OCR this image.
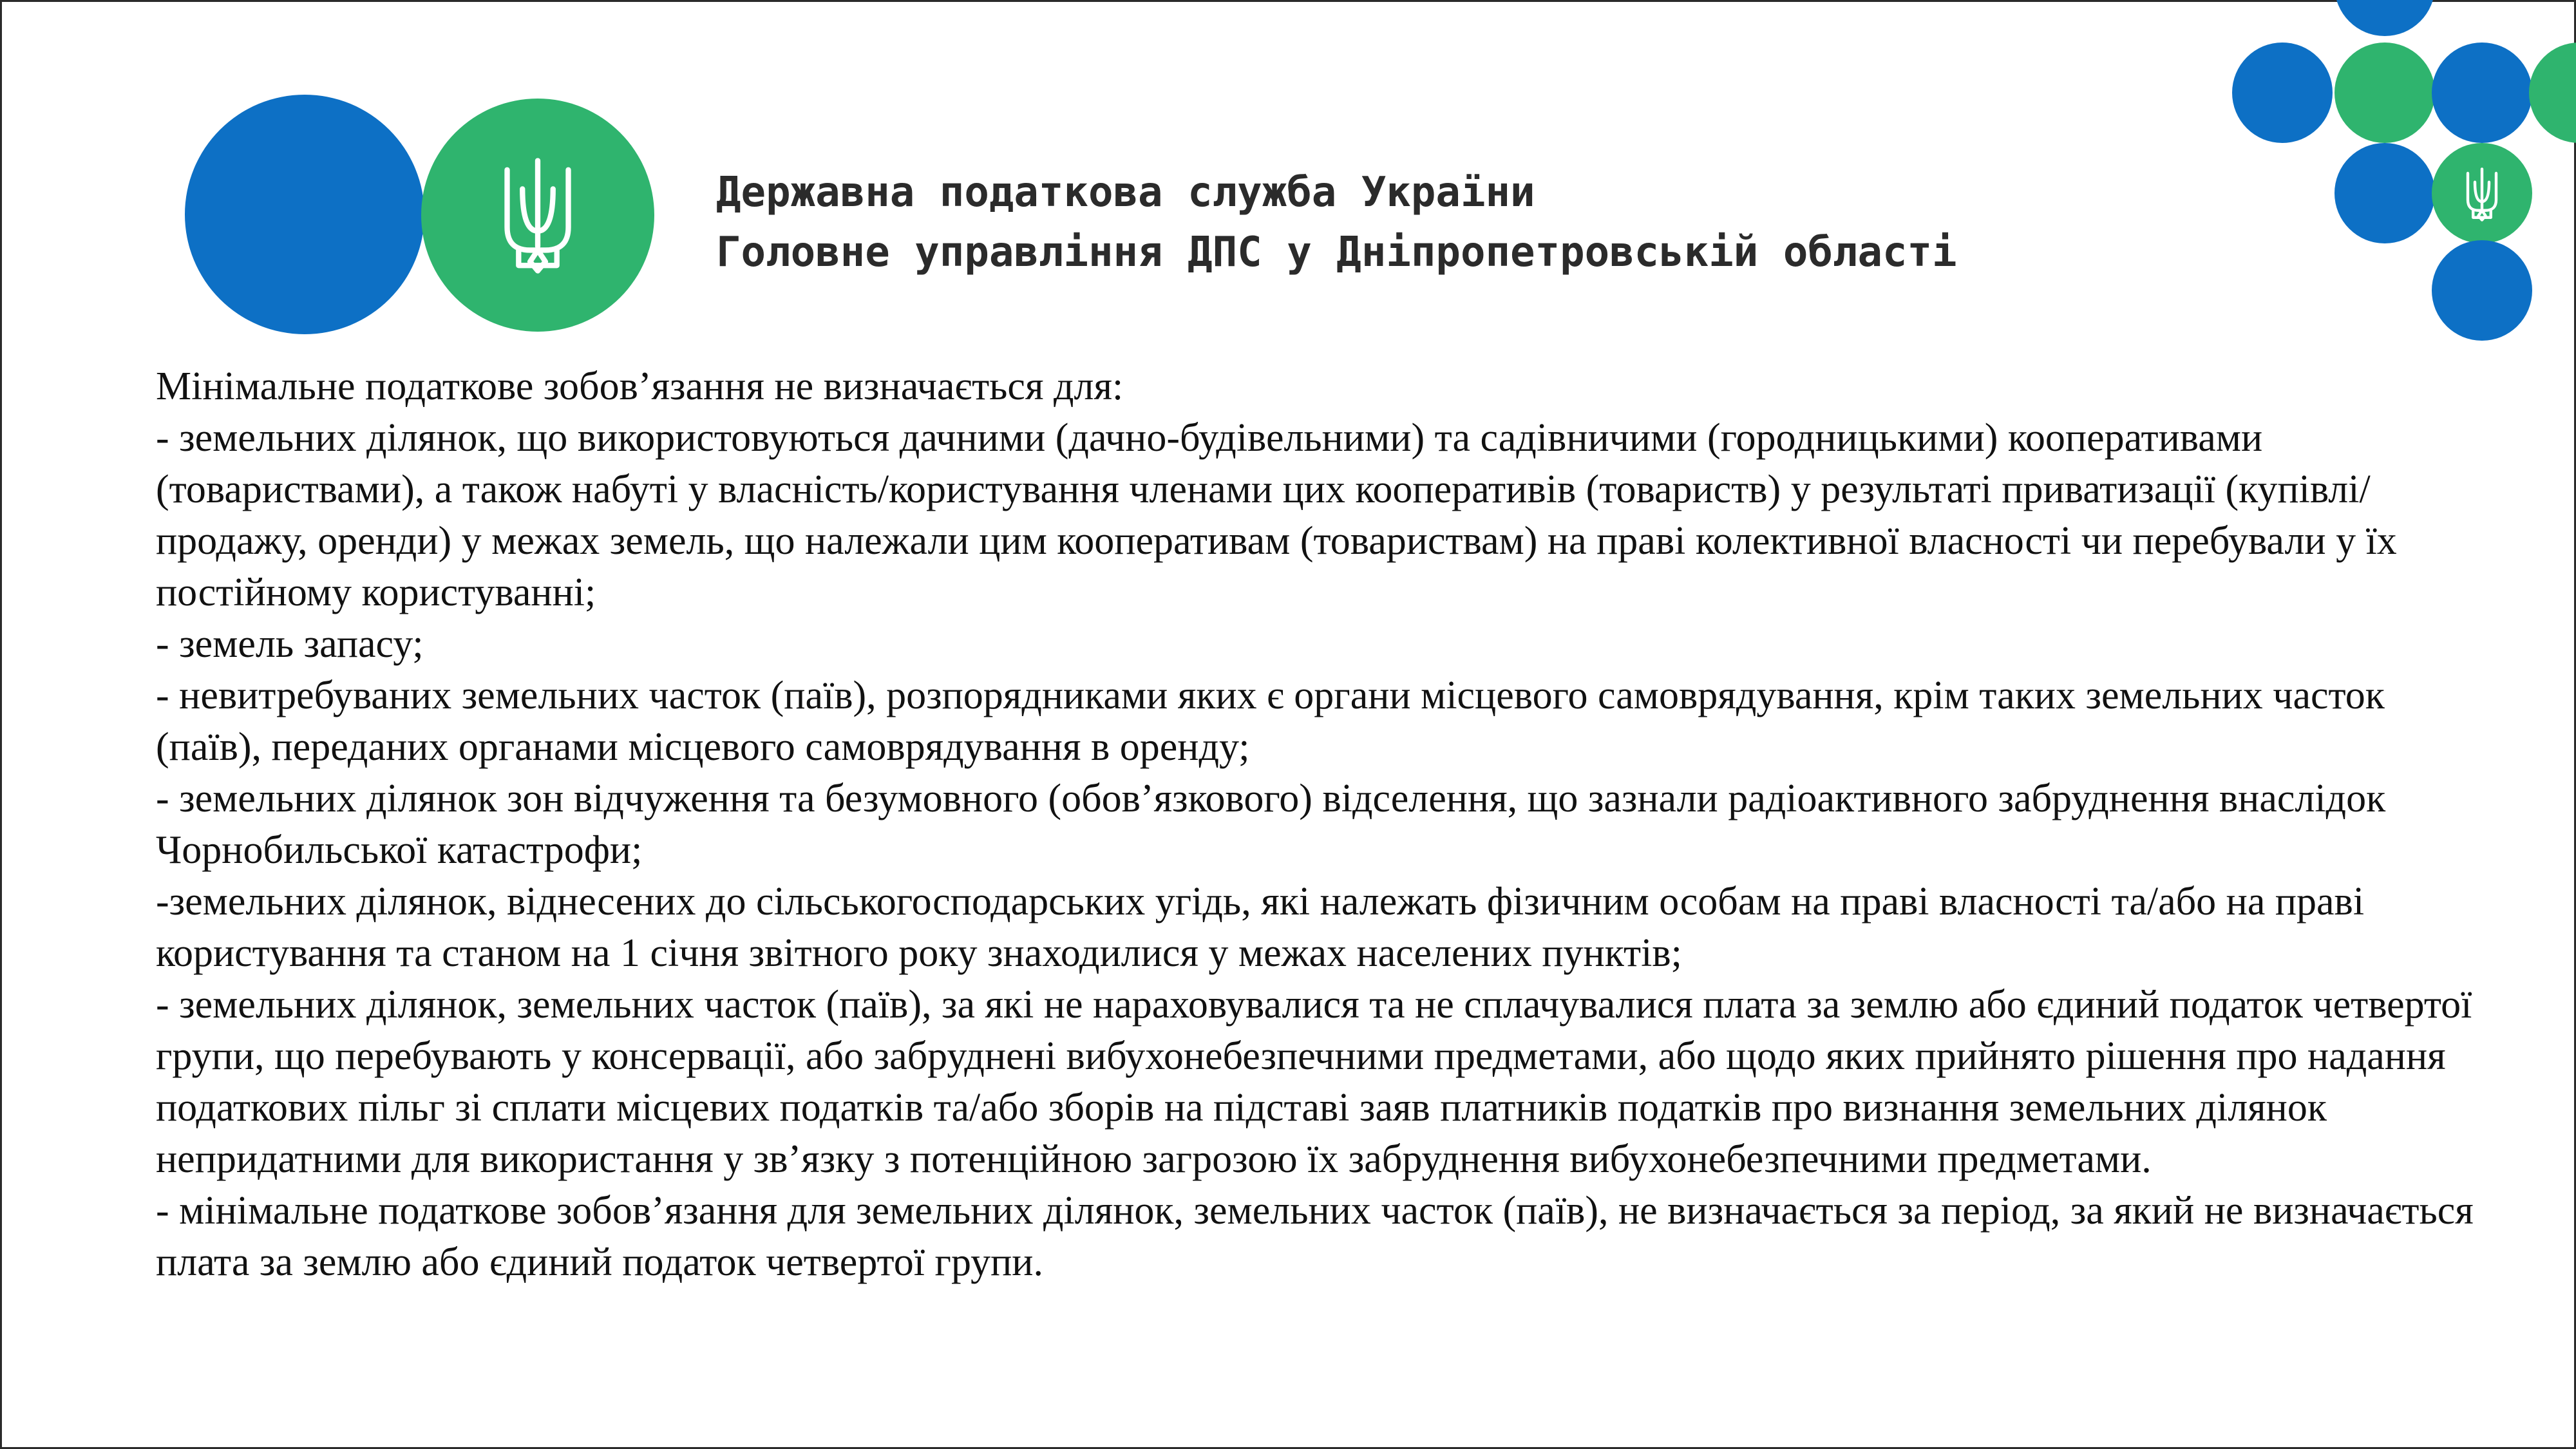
Державна податкова служба України
Головне управління ДПС у Дніпропетровській області

Мінімальне податкове зобов’язання не визначається для:

- земельних ділянок, що використовуються дачними (дачно-будівельними) та садівничими (городницькими) кооперативами (товариствами), а також набуті у власність/користування членами цих кооперативів (товариств) у результаті приватизації (купівлі/продажу, оренди) у межах земель, що належали цим кооперативам (товариствам) на праві колективної власності чи перебували у їх постійному користуванні;

- земель запасу;

- невитребуваних земельних часток (паїв), розпорядниками яких є органи місцевого самоврядування, крім таких земельних часток (паїв), переданих органами місцевого самоврядування в оренду;

- земельних ділянок зон відчуження та безумовного (обов’язкового) відселення, що зазнали радіоактивного забруднення внаслідок Чорнобильської катастрофи;

-земельних ділянок, віднесених до сільськогосподарських угідь, які належать фізичним особам на праві власності та/або на праві користування та станом на 1 січня звітного року знаходилися у межах населених пунктів;

- земельних ділянок, земельних часток (паїв), за які не нараховувалися та не сплачувалися плата за землю або єдиний податок четвертої групи, що перебувають у консервації, або забруднені вибухонебезпечними предметами, або щодо яких прийнято рішення про надання податкових пільг зі сплати місцевих податків та/або зборів на підставі заяв платників податків про визнання земельних ділянок непридатними для використання у зв’язку з потенційною загрозою їх забруднення вибухонебезпечними предметами.

- мінімальне податкове зобов’язання для земельних ділянок, земельних часток (паїв), не визначається за період, за який не визначається плата за землю або єдиний податок четвертої групи.
